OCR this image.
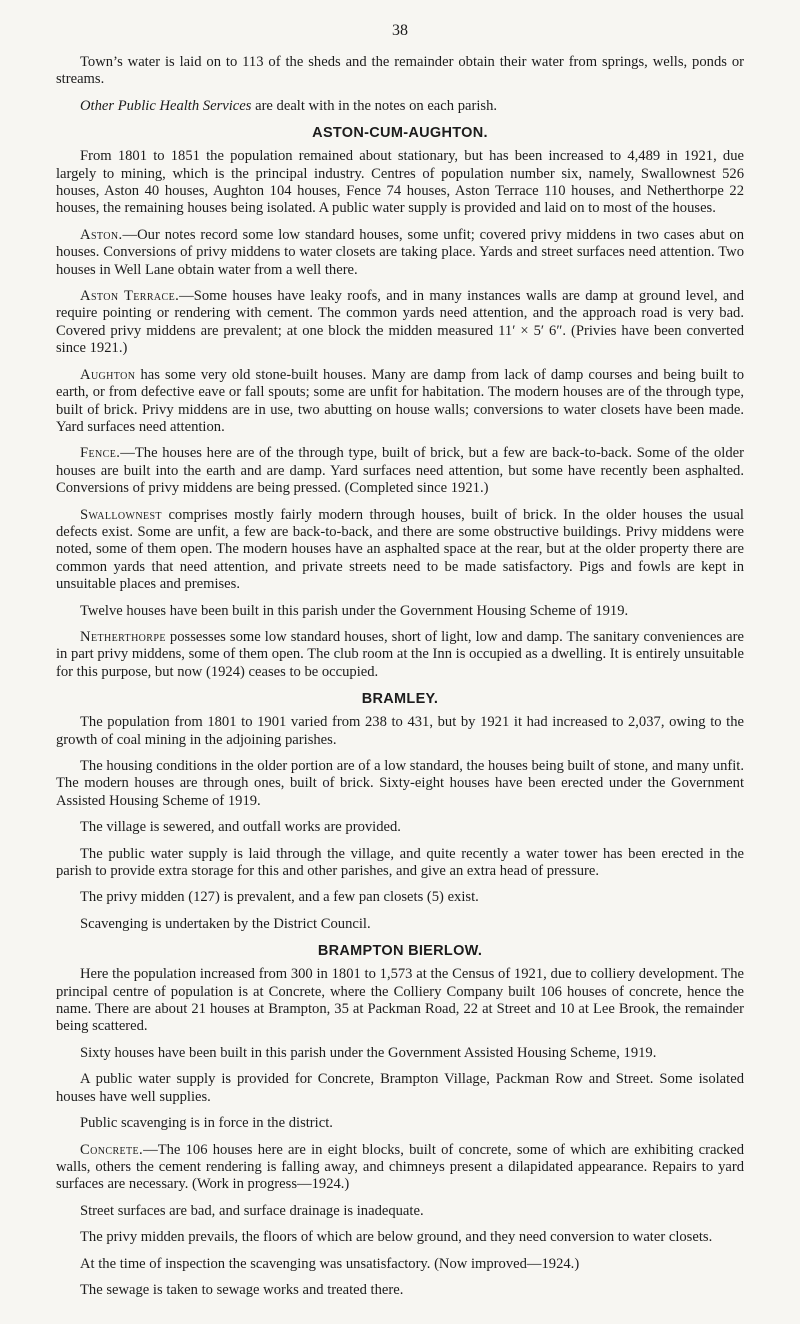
38

Town’s water is laid on to 113 of the sheds and the remainder obtain their water from springs, wells, ponds or streams.

Other Public Health Services are dealt with in the notes on each parish.

ASTON-CUM-AUGHTON.

From 1801 to 1851 the population remained about stationary, but has been increased to 4,489 in 1921, due largely to mining, which is the principal industry. Centres of population number six, namely, Swallownest 526 houses, Aston 40 houses, Aughton 104 houses, Fence 74 houses, Aston Terrace 110 houses, and Netherthorpe 22 houses, the remaining houses being isolated. A public water supply is provided and laid on to most of the houses.

Aston.—Our notes record some low standard houses, some unfit; covered privy middens in two cases abut on houses. Conversions of privy middens to water closets are taking place. Yards and street surfaces need attention. Two houses in Well Lane obtain water from a well there.

Aston Terrace.—Some houses have leaky roofs, and in many instances walls are damp at ground level, and require pointing or rendering with cement. The common yards need attention, and the approach road is very bad. Covered privy middens are prevalent; at one block the midden measured 11′ × 5′ 6″. (Privies have been converted since 1921.)

Aughton has some very old stone-built houses. Many are damp from lack of damp courses and being built to earth, or from defective eave or fall spouts; some are unfit for habitation. The modern houses are of the through type, built of brick. Privy middens are in use, two abutting on house walls; conversions to water closets have been made. Yard surfaces need attention.

Fence.—The houses here are of the through type, built of brick, but a few are back-to-back. Some of the older houses are built into the earth and are damp. Yard surfaces need attention, but some have recently been asphalted. Conversions of privy middens are being pressed. (Completed since 1921.)

Swallownest comprises mostly fairly modern through houses, built of brick. In the older houses the usual defects exist. Some are unfit, a few are back-to-back, and there are some obstructive buildings. Privy middens were noted, some of them open. The modern houses have an asphalted space at the rear, but at the older property there are common yards that need attention, and private streets need to be made satisfactory. Pigs and fowls are kept in unsuitable places and premises.

Twelve houses have been built in this parish under the Government Housing Scheme of 1919.

Netherthorpe possesses some low standard houses, short of light, low and damp. The sanitary conveniences are in part privy middens, some of them open. The club room at the Inn is occupied as a dwelling. It is entirely unsuitable for this purpose, but now (1924) ceases to be occupied.

BRAMLEY.

The population from 1801 to 1901 varied from 238 to 431, but by 1921 it had increased to 2,037, owing to the growth of coal mining in the adjoining parishes.

The housing conditions in the older portion are of a low standard, the houses being built of stone, and many unfit. The modern houses are through ones, built of brick. Sixty-eight houses have been erected under the Government Assisted Housing Scheme of 1919.

The village is sewered, and outfall works are provided.

The public water supply is laid through the village, and quite recently a water tower has been erected in the parish to provide extra storage for this and other parishes, and give an extra head of pressure.

The privy midden (127) is prevalent, and a few pan closets (5) exist.

Scavenging is undertaken by the District Council.

BRAMPTON BIERLOW.

Here the population increased from 300 in 1801 to 1,573 at the Census of 1921, due to colliery development. The principal centre of population is at Concrete, where the Colliery Company built 106 houses of concrete, hence the name. There are about 21 houses at Brampton, 35 at Packman Road, 22 at Street and 10 at Lee Brook, the remainder being scattered.

Sixty houses have been built in this parish under the Government Assisted Housing Scheme, 1919.

A public water supply is provided for Concrete, Brampton Village, Packman Row and Street. Some isolated houses have well supplies.

Public scavenging is in force in the district.

Concrete.—The 106 houses here are in eight blocks, built of concrete, some of which are exhibiting cracked walls, others the cement rendering is falling away, and chimneys present a dilapidated appearance. Repairs to yard surfaces are necessary. (Work in progress—1924.)

Street surfaces are bad, and surface drainage is inadequate.

The privy midden prevails, the floors of which are below ground, and they need conversion to water closets.

At the time of inspection the scavenging was unsatisfactory. (Now improved—1924.)

The sewage is taken to sewage works and treated there.
